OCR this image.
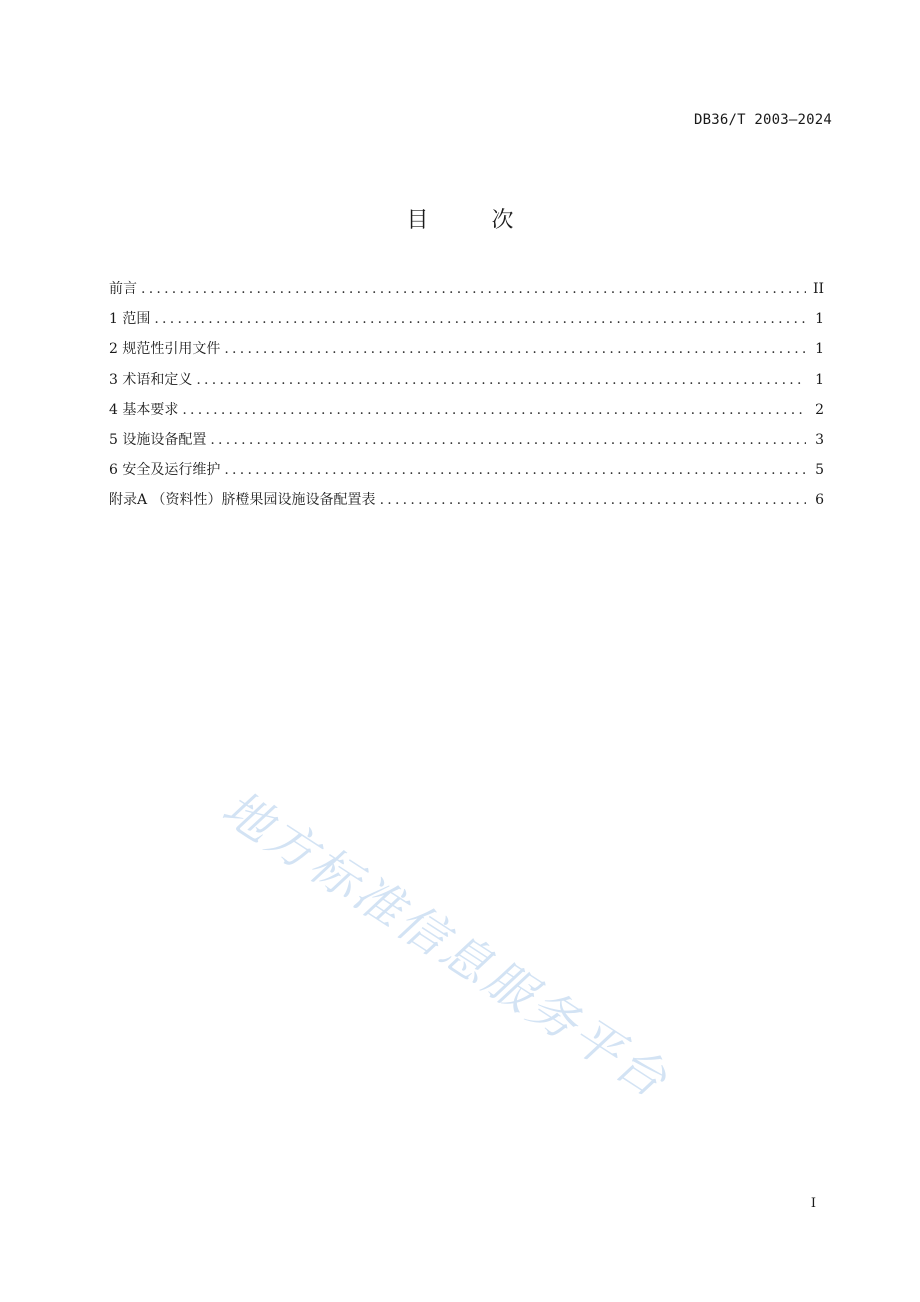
DB36/T 2003—2024
目 次
前言 . . .	II
1 范围 . . .	1
2 规范性引用文件 . . .	1
3 术语和定义 . . .	1
4 基本要求 . . .	2
5 设施设备配置 . . .	3
6 安全及运行维护 . . .	5
附录A （资料性）脐橙果园设施设备配置表 . . .	6
地方标准信息服务平台
I
